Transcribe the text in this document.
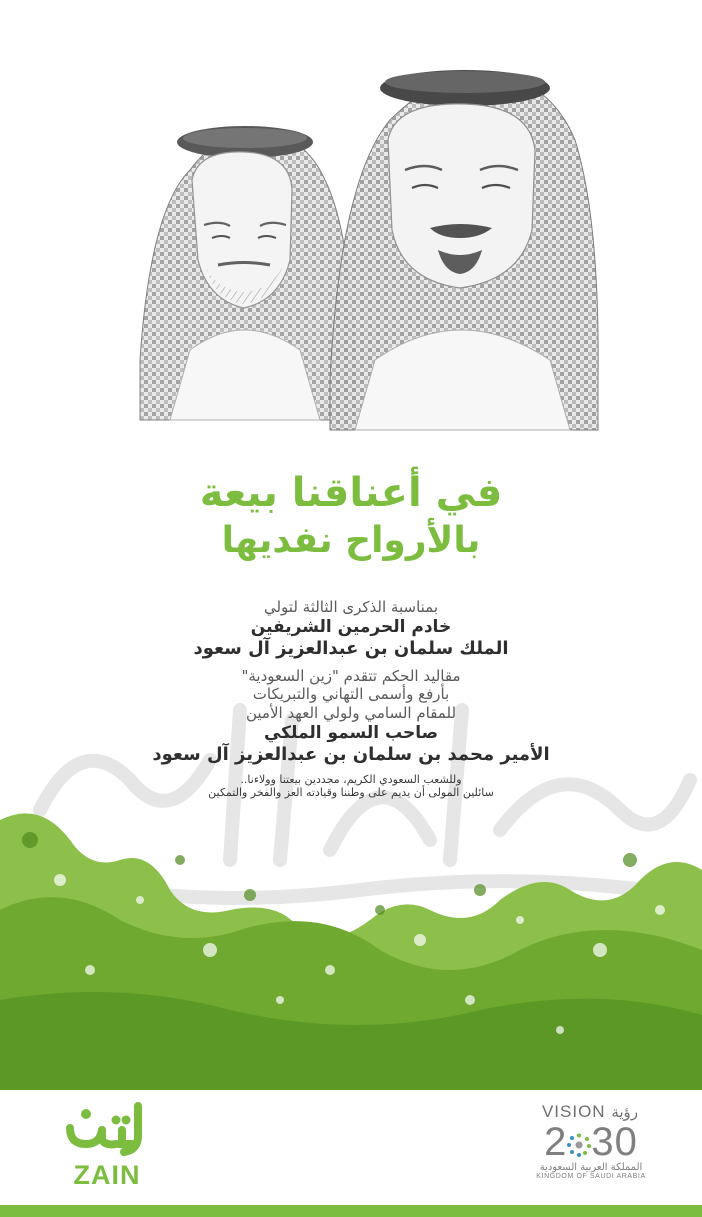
في أعناقنا بيعة
بالأرواح نفديها
بمناسبة الذكرى الثالثة لتولي
خادم الحرمين الشريفين
الملك سلمان بن عبدالعزيز آل سعود
مقاليد الحكم تتقدم "زين السعودية"
بأرفع وأسمى التهاني والتبريكات
للمقام السامي ولولي العهد الأمين
صاحب السمو الملكي
الأمير محمد بن سلمان بن عبدالعزيز آل سعود
وللشعب السعودي الكريم، مجددين بيعتنا وولاءنا..
سائلين المولى أن يديم على وطننا وقيادته العز والفخر والتمكين
ZAIN
VISION رؤية
2 30
المملكة العربية السعودية
KINGDOM OF SAUDI ARABIA
